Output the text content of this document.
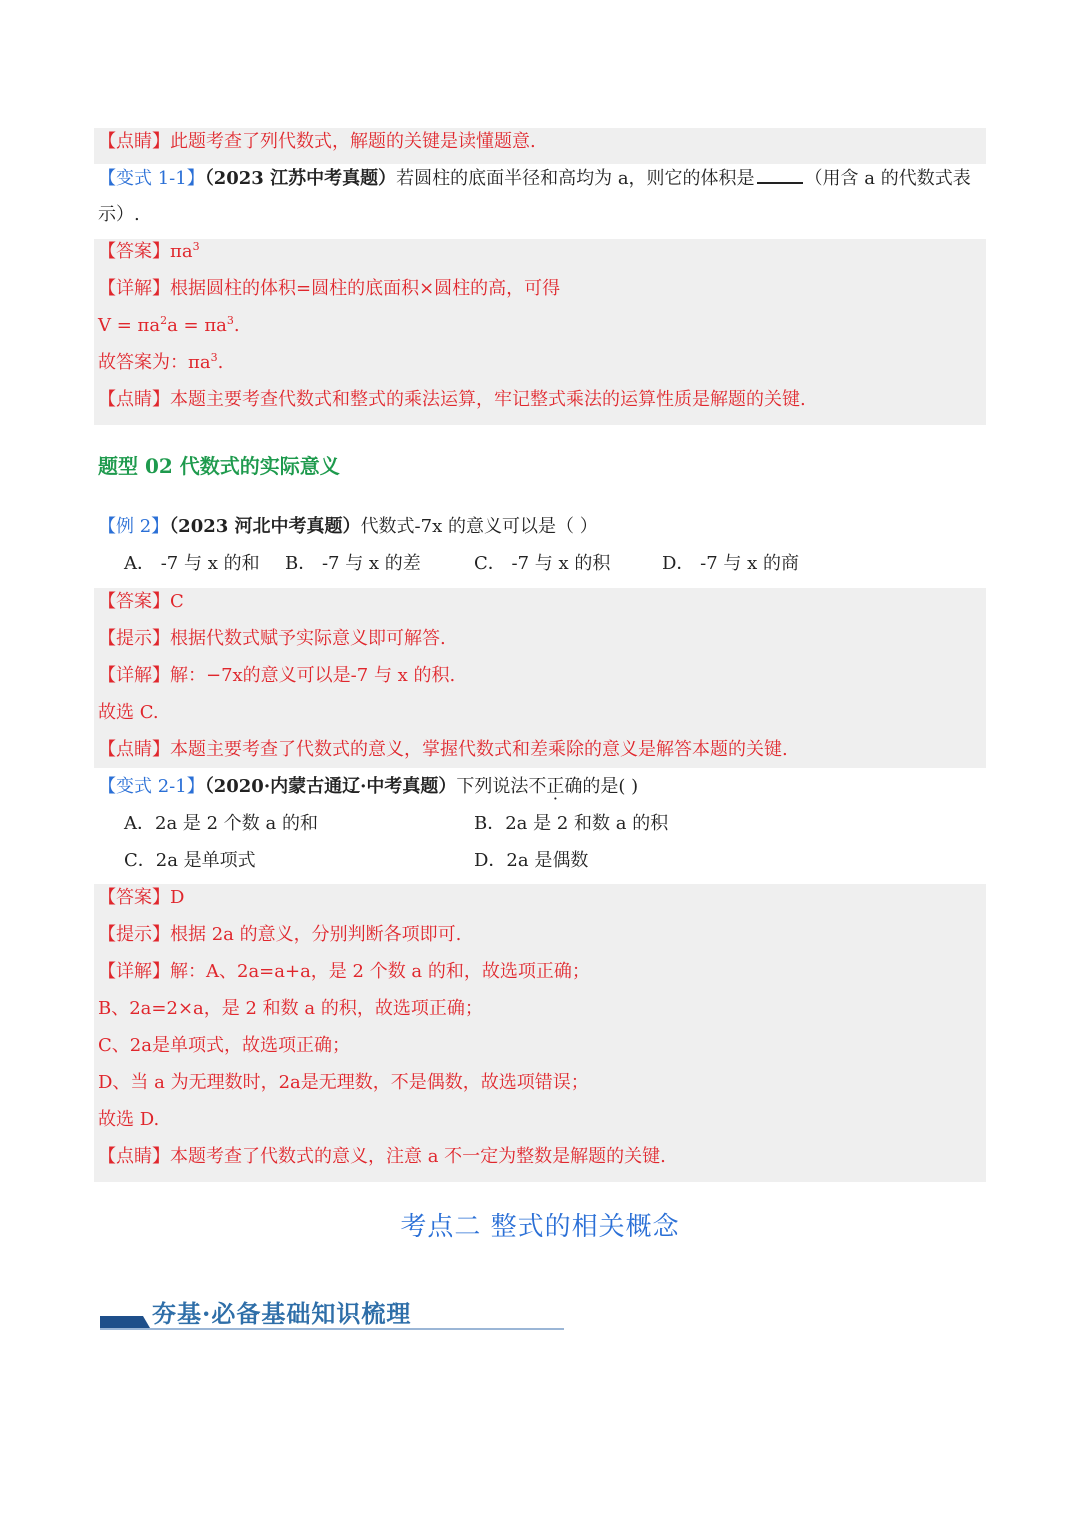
【点睛】此题考查了列代数式，解题的关键是读懂题意.
【变式 1-1】（2023 江苏中考真题）若圆柱的底面半径和高均为 a，则它的体积是	（用含 a 的代数式表
示）.
【答案】$\pi a^3$
【详解】根据圆柱的体积=圆柱的底面积×圆柱的高，可得
$V = \pi a^2a = \pi a^3$.
故答案为：$\pi a^3$.
【点睛】本题主要考查代数式和整式的乘法运算，牢记整式乘法的运算性质是解题的关键.
题型 02 代数式的实际意义
【例 2】（2023 河北中考真题）代数式-7x 的意义可以是（ ）
A． -7 与 x 的和 B． -7 与 x 的差	C． -7 与 x 的积	D． -7 与 x 的商
【答案】C
【提示】根据代数式赋予实际意义即可解答.
【详解】解：−7x的意义可以是-7 与 x 的积.
故选 C.
【点睛】本题主要考查了代数式的意义，掌握代数式和差乘除的意义是解答本题的关键.
【变式 2-1】（2020·内蒙古通辽·中考真题）下列说法不正确的是( )
A．2a 是 2 个数 a 的和	B．2a 是 2 和数 a 的积
C．2a 是单项式	D．2a 是偶数
【答案】D
【提示】根据 2a 的意义，分别判断各项即可.
【详解】解：A、2a=a+a，是 2 个数 a 的和，故选项正确；
B、2a=2×a，是 2 和数 a 的积，故选项正确；
C、2a是单项式，故选项正确；
D、当 a 为无理数时，2a是无理数，不是偶数，故选项错误；
故选 D.
【点睛】本题考查了代数式的意义，注意 a 不一定为整数是解题的关键.
考点二 整式的相关概念
夯基·必备基础知识梳理
